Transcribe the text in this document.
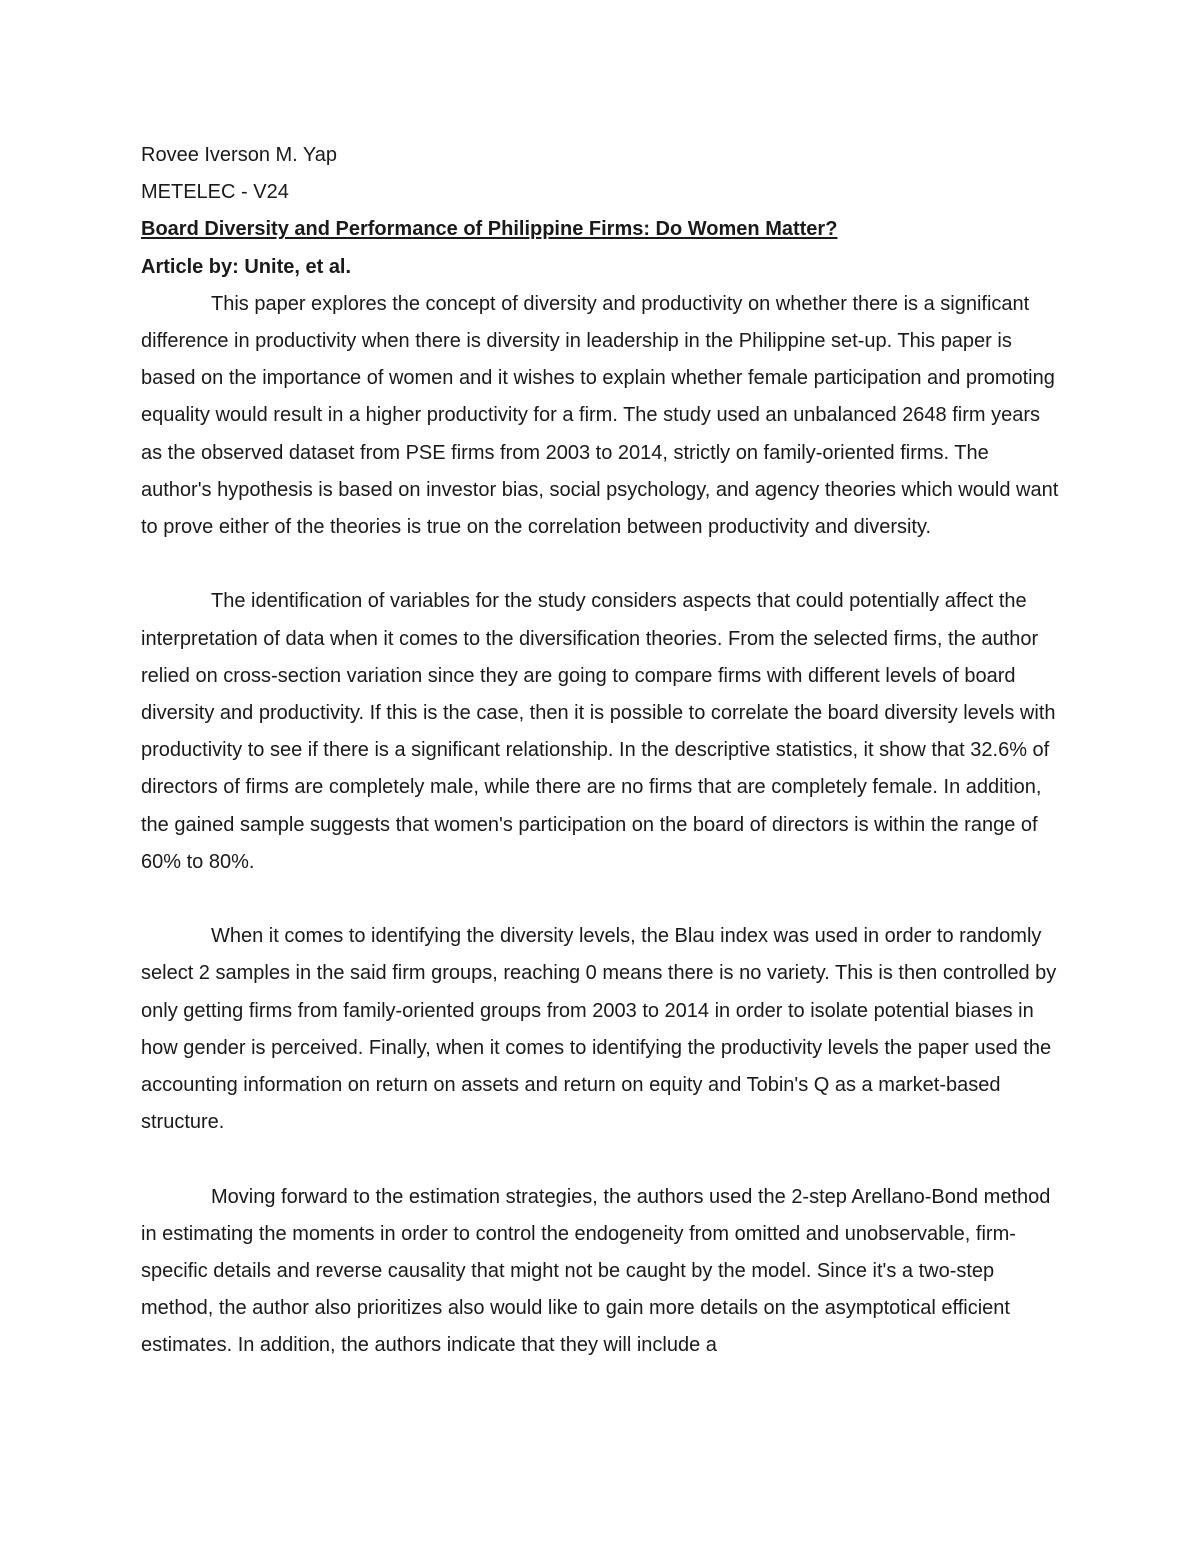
Rovee Iverson M. Yap

METELEC - V24

Board Diversity and Performance of Philippine Firms: Do Women Matter?

Article by: Unite, et al.

This paper explores the concept of diversity and productivity on whether there is a significant difference in productivity when there is diversity in leadership in the Philippine set-up. This paper is based on the importance of women and it wishes to explain whether female participation and promoting equality would result in a higher productivity for a firm. The study used an unbalanced 2648 firm years as the observed dataset from PSE firms from 2003 to 2014, strictly on family-oriented firms. The author's hypothesis is based on investor bias, social psychology, and agency theories which would want to prove either of the theories is true on the correlation between productivity and diversity.

The identification of variables for the study considers aspects that could potentially affect the interpretation of data when it comes to the diversification theories. From the selected firms, the author relied on cross-section variation since they are going to compare firms with different levels of board diversity and productivity. If this is the case, then it is possible to correlate the board diversity levels with productivity to see if there is a significant relationship. In the descriptive statistics, it show that 32.6% of directors of firms are completely male, while there are no firms that are completely female. In addition, the gained sample suggests that women's participation on the board of directors is within the range of 60% to 80%.

When it comes to identifying the diversity levels, the Blau index was used in order to randomly select 2 samples in the said firm groups, reaching 0 means there is no variety. This is then controlled by only getting firms from family-oriented groups from 2003 to 2014 in order to isolate potential biases in how gender is perceived. Finally, when it comes to identifying the productivity levels the paper used the accounting information on return on assets and return on equity and Tobin's Q as a market-based structure.

Moving forward to the estimation strategies, the authors used the 2-step Arellano-Bond method in estimating the moments in order to control the endogeneity from omitted and unobservable, firm-specific details and reverse causality that might not be caught by the model. Since it's a two-step method, the author also prioritizes also would like to gain more details on the asymptotical efficient estimates. In addition, the authors indicate that they will include a
